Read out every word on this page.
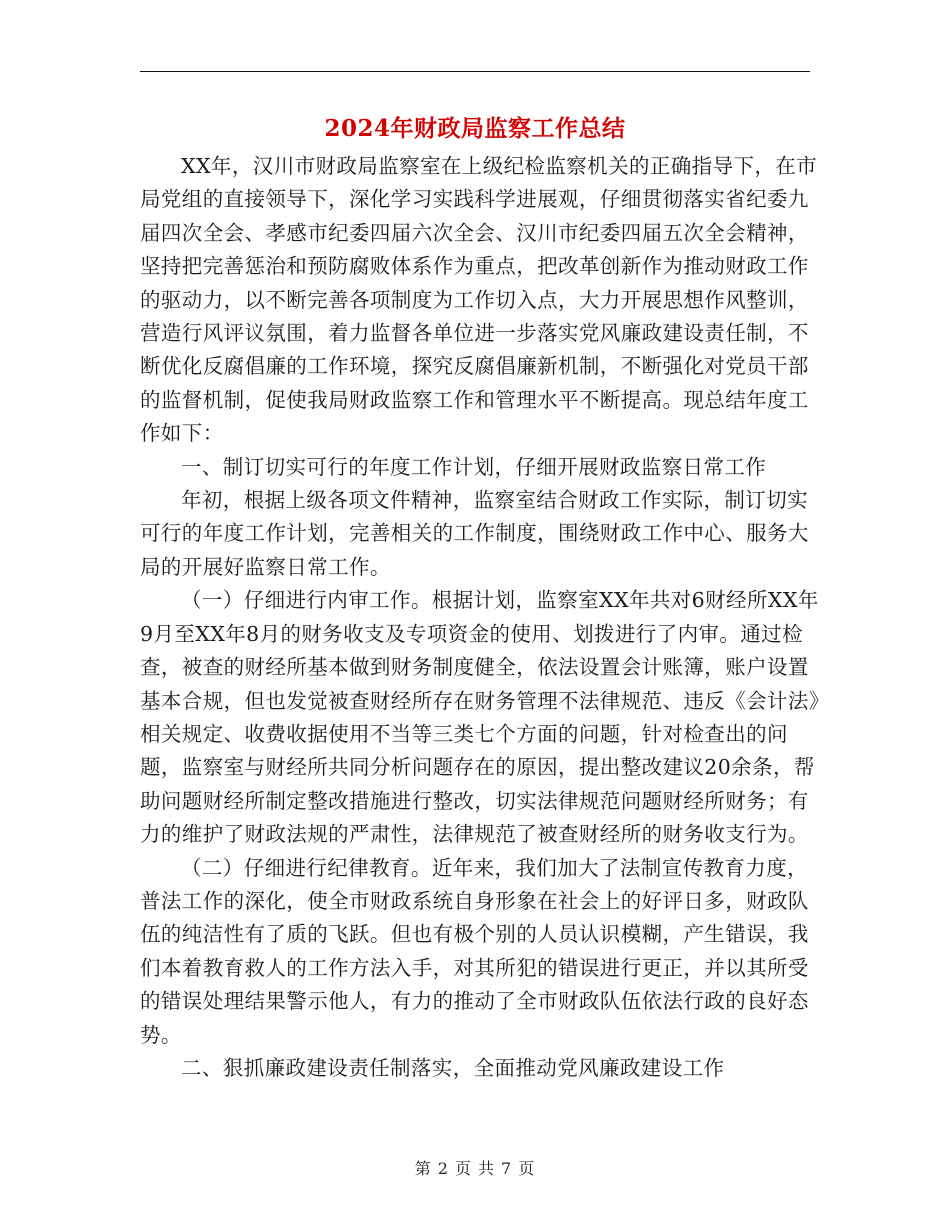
2024年财政局监察工作总结

XX年，汉川市财政局监察室在上级纪检监察机关的正确指导下，在市局党组的直接领导下，深化学习实践科学进展观，仔细贯彻落实省纪委九届四次全会、孝感市纪委四届六次全会、汉川市纪委四届五次全会精神，坚持把完善惩治和预防腐败体系作为重点，把改革创新作为推动财政工作的驱动力，以不断完善各项制度为工作切入点，大力开展思想作风整训，营造行风评议氛围，着力监督各单位进一步落实党风廉政建设责任制，不断优化反腐倡廉的工作环境，探究反腐倡廉新机制，不断强化对党员干部的监督机制，促使我局财政监察工作和管理水平不断提高。现总结年度工作如下：

一、制订切实可行的年度工作计划，仔细开展财政监察日常工作

年初，根据上级各项文件精神，监察室结合财政工作实际，制订切实可行的年度工作计划，完善相关的工作制度，围绕财政工作中心、服务大局的开展好监察日常工作。

（一）仔细进行内审工作。根据计划，监察室XX年共对6财经所XX年9月至XX年8月的财务收支及专项资金的使用、划拨进行了内审。通过检查，被查的财经所基本做到财务制度健全，依法设置会计账簿，账户设置基本合规，但也发觉被查财经所存在财务管理不法律规范、违反《会计法》相关规定、收费收据使用不当等三类七个方面的问题，针对检查出的问题，监察室与财经所共同分析问题存在的原因，提出整改建议20余条，帮助问题财经所制定整改措施进行整改，切实法律规范问题财经所财务；有力的维护了财政法规的严肃性，法律规范了被查财经所的财务收支行为。

（二）仔细进行纪律教育。近年来，我们加大了法制宣传教育力度，普法工作的深化，使全市财政系统自身形象在社会上的好评日多，财政队伍的纯洁性有了质的飞跃。但也有极个别的人员认识模糊，产生错误，我们本着教育救人的工作方法入手，对其所犯的错误进行更正，并以其所受的错误处理结果警示他人，有力的推动了全市财政队伍依法行政的良好态势。

二、狠抓廉政建设责任制落实，全面推动党风廉政建设工作

第 2 页 共 7 页
